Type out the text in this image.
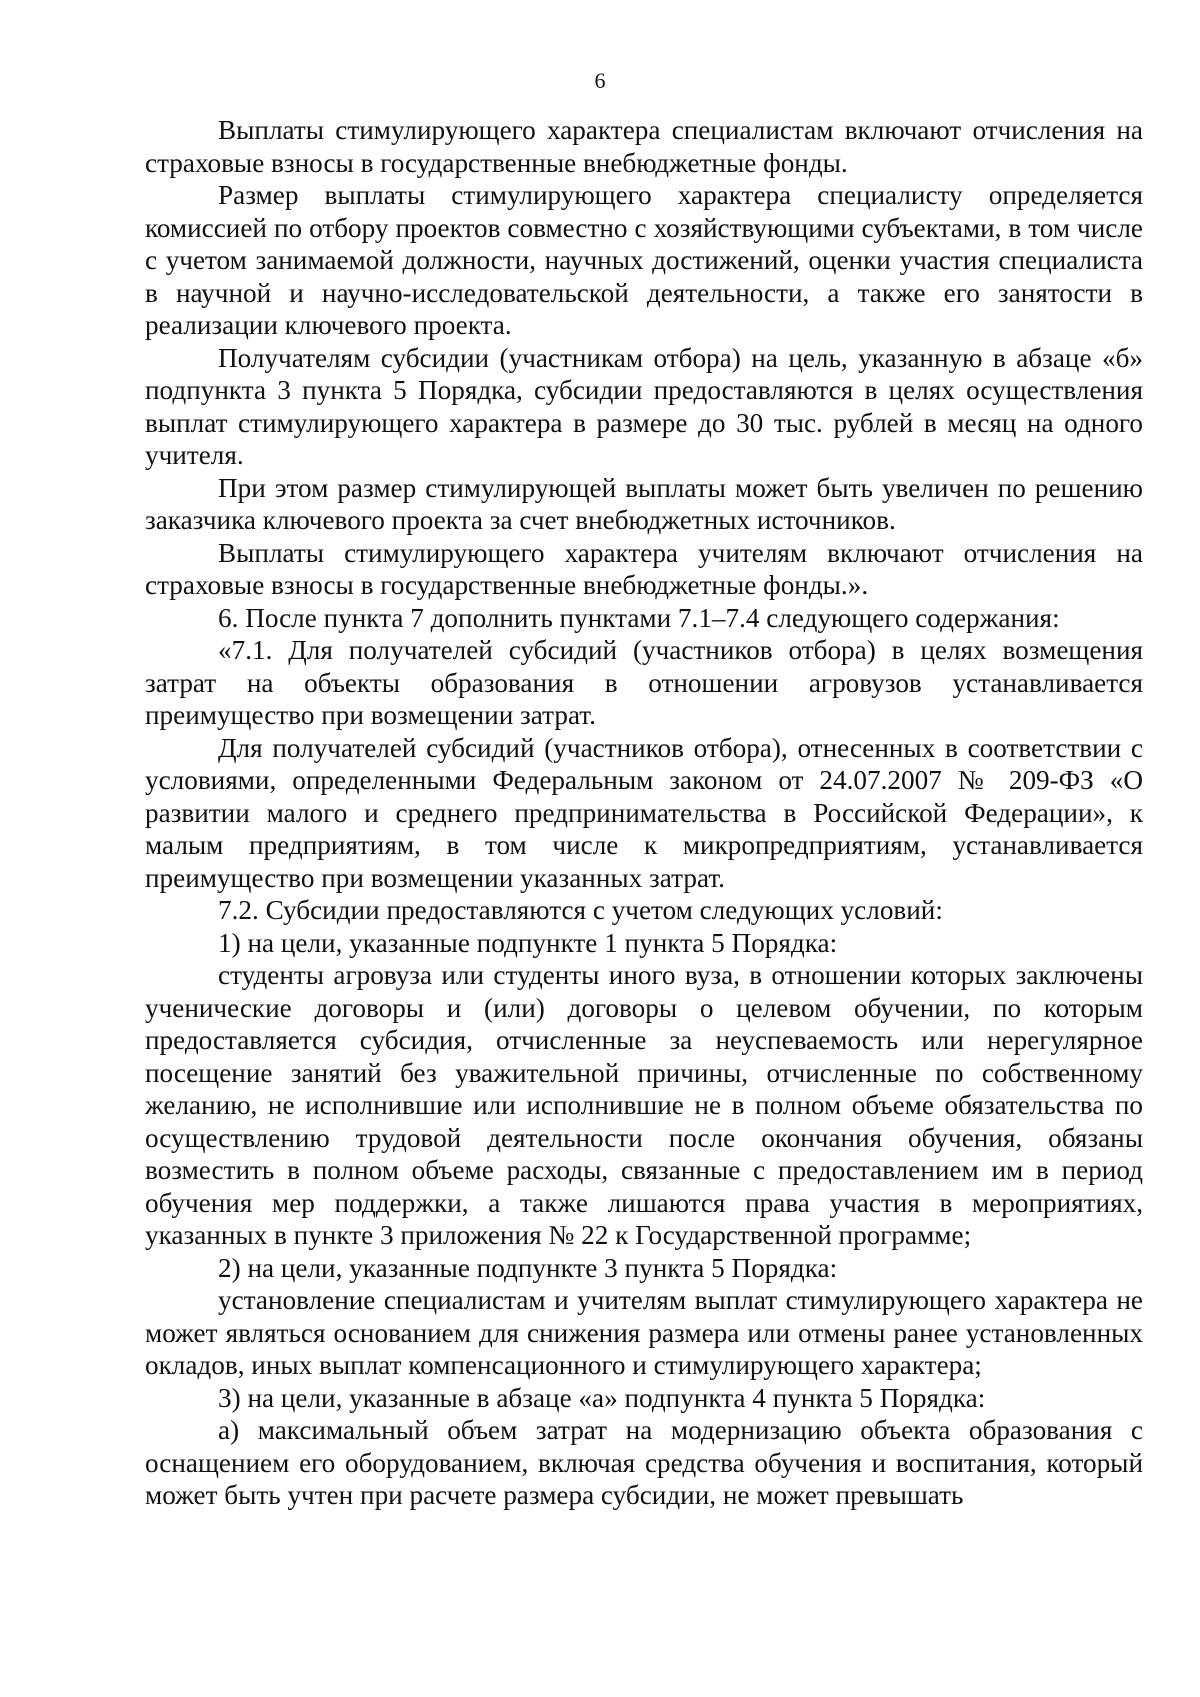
6

Выплаты стимулирующего характера специалистам включают отчисления на страховые взносы в государственные внебюджетные фонды.

Размер выплаты стимулирующего характера специалисту определяется комиссией по отбору проектов совместно с хозяйствующими субъектами, в том числе с учетом занимаемой должности, научных достижений, оценки участия специалиста в научной и научно-исследовательской деятельности, а также его занятости в реализации ключевого проекта.

Получателям субсидии (участникам отбора) на цель, указанную в абзаце «б» подпункта 3 пункта 5 Порядка, субсидии предоставляются в целях осуществления выплат стимулирующего характера в размере до 30 тыс. рублей в месяц на одного учителя.

При этом размер стимулирующей выплаты может быть увеличен по решению заказчика ключевого проекта за счет внебюджетных источников.

Выплаты стимулирующего характера учителям включают отчисления на страховые взносы в государственные внебюджетные фонды.».

6. После пункта 7 дополнить пунктами 7.1–7.4 следующего содержания:

«7.1. Для получателей субсидий (участников отбора) в целях возмещения затрат на объекты образования в отношении агровузов устанавливается преимущество при возмещении затрат.

Для получателей субсидий (участников отбора), отнесенных в соответствии с условиями, определенными Федеральным законом от 24.07.2007 № 209-ФЗ «О развитии малого и среднего предпринимательства в Российской Федерации», к малым предприятиям, в том числе к микропредприятиям, устанавливается преимущество при возмещении указанных затрат.

7.2. Субсидии предоставляются с учетом следующих условий:

1) на цели, указанные подпункте 1 пункта 5 Порядка:

студенты агровуза или студенты иного вуза, в отношении которых заключены ученические договоры и (или) договоры о целевом обучении, по которым предоставляется субсидия, отчисленные за неуспеваемость или нерегулярное посещение занятий без уважительной причины, отчисленные по собственному желанию, не исполнившие или исполнившие не в полном объеме обязательства по осуществлению трудовой деятельности после окончания обучения, обязаны возместить в полном объеме расходы, связанные с предоставлением им в период обучения мер поддержки, а также лишаются права участия в мероприятиях, указанных в пункте 3 приложения № 22 к Государственной программе;

2) на цели, указанные подпункте 3 пункта 5 Порядка:

установление специалистам и учителям выплат стимулирующего характера не может являться основанием для снижения размера или отмены ранее установленных окладов, иных выплат компенсационного и стимулирующего характера;

3) на цели, указанные в абзаце «а» подпункта 4 пункта 5 Порядка:

а) максимальный объем затрат на модернизацию объекта образования с оснащением его оборудованием, включая средства обучения и воспитания, который может быть учтен при расчете размера субсидии, не может превышать
